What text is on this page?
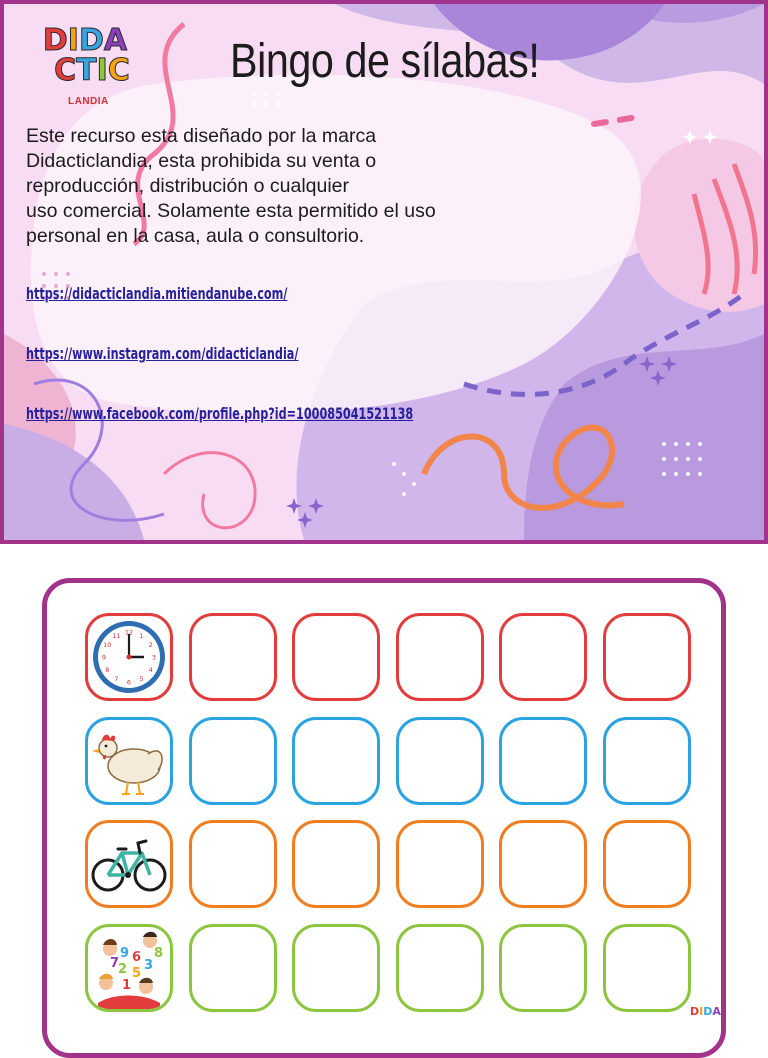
D I D A
C T I C
LANDIA
Bingo de sílabas!

Este recurso esta diseñado por la marca
Didacticlandia, esta prohibida su venta o
reproducción, distribución o cualquier
uso comercial. Solamente esta permitido el uso
personal en la casa, aula o consultorio.

https://didacticlandia.mitiendanube.com/
https://www.instagram.com/didacticlandia/
https://www.facebook.com/profile.php?id=100085041521138
12 1
2
3
4
5
6
7
8
9
10
11
9 6
2 5
7 3
1
8
DIDA
